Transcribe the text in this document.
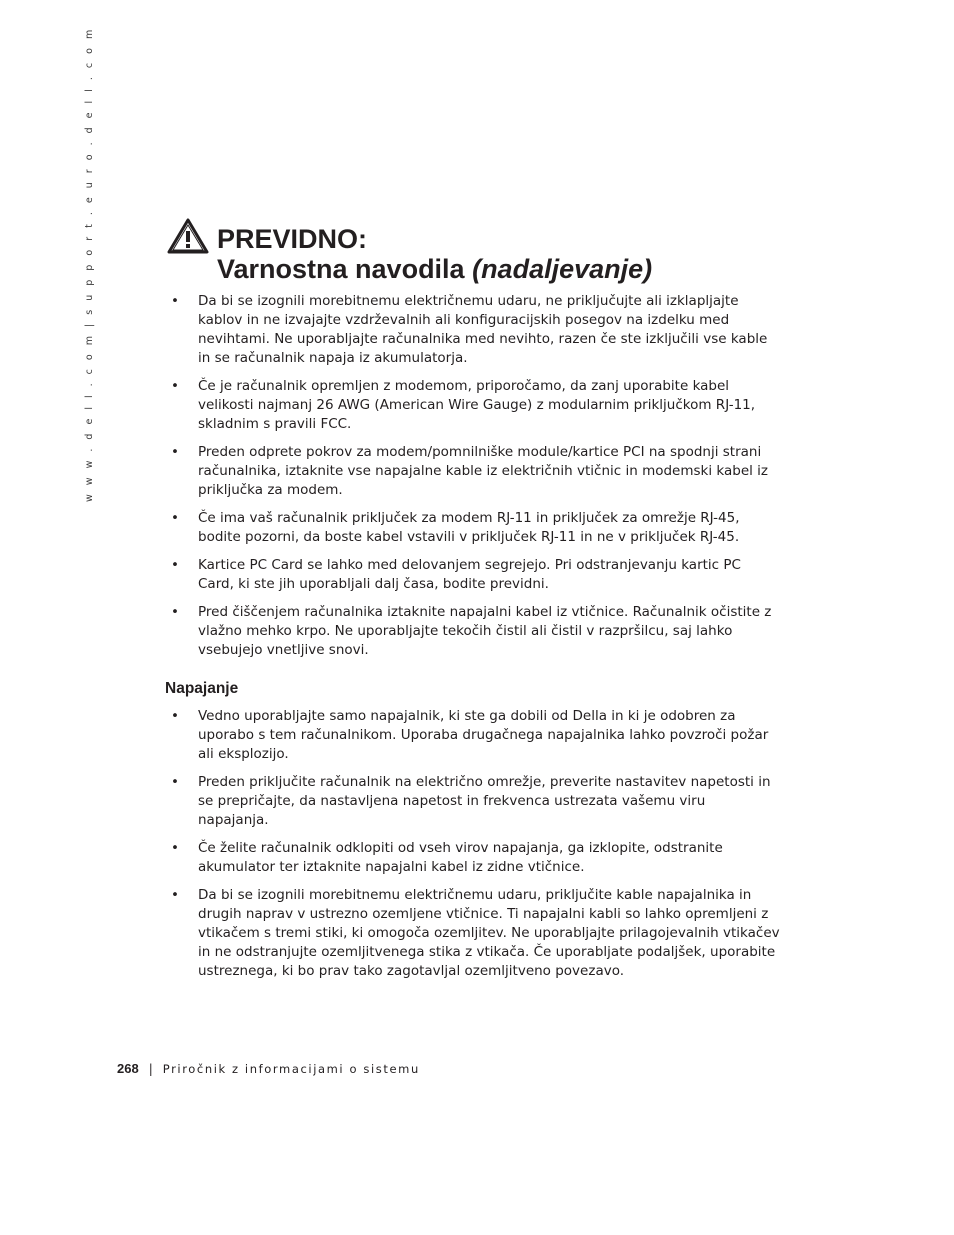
w w w . d e l l . c o m | s u p p o r t . e u r o . d e l l . c o m	PREVIDNO:
Varnostna navodila (nadaljevanje)
• Da bi se izognili morebitnemu električnemu udaru, ne priključujte ali izklapljajte kablov in ne izvajajte vzdrževalnih ali konfiguracijskih posegov na izdelku med nevihtami. Ne uporabljajte računalnika med nevihto, razen če ste izključili vse kable in se računalnik napaja iz akumulatorja.
• Če je računalnik opremljen z modemom, priporočamo, da zanj uporabite kabel velikosti najmanj 26 AWG (American Wire Gauge) z modularnim priključkom RJ-11, skladnim s pravili FCC.
• Preden odprete pokrov za modem/pomnilniške module/kartice PCI na spodnji strani računalnika, iztaknite vse napajalne kable iz električnih vtičnic in modemski kabel iz priključka za modem.
• Če ima vaš računalnik priključek za modem RJ-11 in priključek za omrežje RJ-45, bodite pozorni, da boste kabel vstavili v priključek RJ-11 in ne v priključek RJ-45.
• Kartice PC Card se lahko med delovanjem segrejejo. Pri odstranjevanju kartic PC Card, ki ste jih uporabljali dalj časa, bodite previdni.
• Pred čiščenjem računalnika iztaknite napajalni kabel iz vtičnice. Računalnik očistite z vlažno mehko krpo. Ne uporabljajte tekočih čistil ali čistil v razpršilcu, saj lahko vsebujejo vnetljive snovi.
Napajanje
• Vedno uporabljajte samo napajalnik, ki ste ga dobili od Della in ki je odobren za uporabo s tem računalnikom. Uporaba drugačnega napajalnika lahko povzroči požar ali eksplozijo.
• Preden priključite računalnik na električno omrežje, preverite nastavitev napetosti in se prepričajte, da nastavljena napetost in frekvenca ustrezata vašemu viru napajanja.
• Če želite računalnik odklopiti od vseh virov napajanja, ga izklopite, odstranite akumulator ter iztaknite napajalni kabel iz zidne vtičnice.
• Da bi se izognili morebitnemu električnemu udaru, priključite kable napajalnika in drugih naprav v ustrezno ozemljene vtičnice. Ti napajalni kabli so lahko opremljeni z vtikačem s tremi stiki, ki omogoča ozemljitev. Ne uporabljajte prilagojevalnih vtikačev in ne odstranjujte ozemljitvenega stika z vtikača. Če uporabljate podaljšek, uporabite ustreznega, ki bo prav tako zagotavljal ozemljitveno povezavo.
268 | Priročnik z informacijami o sistemu
